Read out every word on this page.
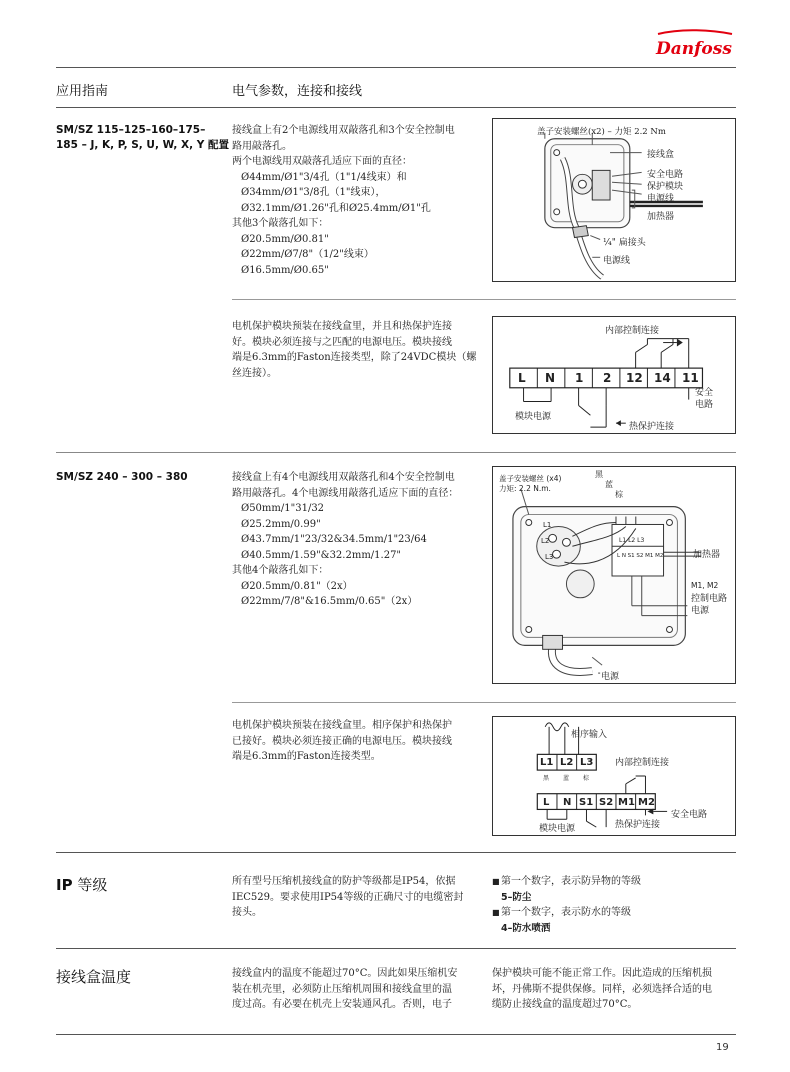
Danfoss
应用指南	电气参数，连接和接线
SM/SZ 115–125–160–175–
185 – J, K, P, S, U, W, X, Y 配置
接线盒上有2个电源线用双敲落孔和3个安全控制电
路用敲落孔。
两个电源线用双敲落孔适应下面的直径：
Ø44mm/Ø1"3/4孔（1"1/4线束）和
Ø34mm/Ø1"3/8孔（1"线束），
Ø32.1mm/Ø1.26"孔和Ø25.4mm/Ø1"孔
其他3个敲落孔如下：
Ø20.5mm/Ø0.81"
Ø22mm/Ø7/8"（1/2"线束）
Ø16.5mm/Ø0.65"
盖子安装螺丝(x2) – 力矩 2.2 Nm
接线盒
安全电路
保护模块
电源线
加热器
¼" 扁接头
电源线
电机保护模块预装在接线盒里，并且和热保护连接
好。模块必须连接与之匹配的电源电压。模块接线
端是6.3mm的Faston连接类型，除了24VDC模块（螺
丝连接）。
内部控制连接
L N 1 2 12 14 11
安全
电路
模块电源
热保护连接
SM/SZ 240 – 300 – 380	接线盒上有4个电源线用双敲落孔和4个安全控制电
路用敲落孔。4个电源线用敲落孔适应下面的直径：
Ø50mm/1"31/32
Ø25.2mm/0.99"
Ø43.7mm/1"23/32&34.5mm/1"23/64
Ø40.5mm/1.59"&32.2mm/1.27"
其他4个敲落孔如下：
Ø20.5mm/0.81"（2x）
Ø22mm/7/8"&16.5mm/0.65"（2x）
盖子安装螺丝 (x4)
力矩: 2.2 N.m.
黑
蓝
棕
L1 L2 L3
L N S1 S2 M1 M2
L1
L2
L3	加热器
M1, M2
控制电路
电源
电源
电机保护模块预装在接线盒里。相序保护和热保护
已接好。模块必须连接正确的电源电压。模块接线
端是6.3mm的Faston连接类型。
相序输入
L1 L2 L3
黑 蓝 棕
内部控制连接
L N S1 S2 M1 M2
安全电路
模块电源	热保护连接
IP 等级	所有型号压缩机接线盒的防护等级都是IP54，依据
IEC529。要求使用IP54等级的正确尺寸的电缆密封
接头。
■ 第一个数字，表示防异物的等级
5–防尘
■ 第一个数字，表示防水的等级
4–防水喷洒
接线盒温度	接线盒内的温度不能超过70°C。因此如果压缩机安
装在机壳里，必须防止压缩机周围和接线盒里的温
度过高。有必要在机壳上安装通风孔。否则，电子
保护模块可能不能正常工作。因此造成的压缩机损
坏，丹佛斯不提供保修。同样，必须选择合适的电
缆防止接线盒的温度超过70°C。
19
